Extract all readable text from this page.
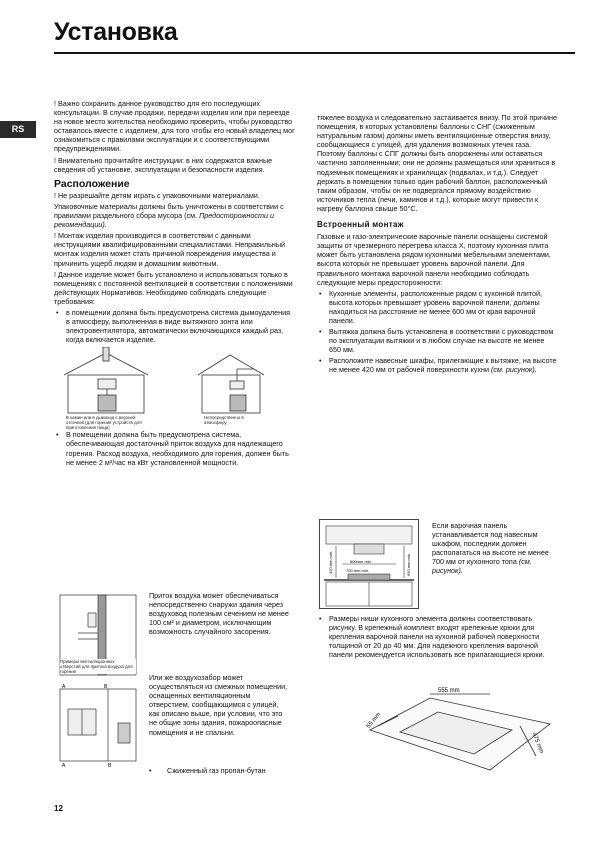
Установка
RS

! Важно сохранить данное руководство для его последующих консультации. В случае продажи, передачи изделия или при переезде на новое место жительства необходимо проверить, чтобы руководство оставалось вместе с изделием, для того чтобы его новый владелец мог ознакомиться с правилами эксплуатации и с соответствующими предупреждениями.

! Внимательно прочитайте инструкции: в них содержатся важные сведения об установке, эксплуатации и безопасности изделия.

Расположение

! Не разрешайте детям играть с упаковочными материалами.

Упаковочные материалы должны быть уничтожены в соответствии с правилами раздельного сбора мусора (см. Предосторожности и рекомендации).

! Монтаж изделия производится в соответствии с данными инструкциями квалифицированными специалистами. Неправильный монтаж изделия может стать причиной повреждения имущества и причинить ущерб людям и домашним животным.

! Данное изделие может быть установлено и использоваться только в помещениях с постоянной вентиляцией в соответствии с положениями действующих Нормативов. Необходимо соблюдать следующие требования:

• в помещении должна быть предусмотрена система дымоудаления в атмосферу, выполненная в виде вытяжного зонта или электровентилятора, автоматически включающихся каждый раз, когда включается изделие.
В камин или в дымоход с верхней отсечкой (для горения устройств для приготовления пищи)
Непосредственно в атмосферу
• В помещении должна быть предусмотрена система, обеспечивающая достаточный приток воздуха для надлежащего горения. Расход воздуха, необходимого для горения, должен быть не менее 2 м³/час на кВт установленной мощности.
Примеры вентиляционных отверстий для притока воздуха для горения
Приток воздуха может обеспечиваться непосредственно снаружи здания через воздуховод полезным сечением не менее 100 см² и диаметром, исключающим возможность случайного засорения.
A	B
A	B
Или же воздухозабор может осуществляться из смежных помещении, оснащенных вентиляционным отверстием, сообщающимся с улицей, как описано выше, при условии, что это не общие зоны здания, пожароопасные помещения и не спальни.
• Сжиженный газ пропан-бутан

тяжелее воздуха и следовательно застаивается внизу. По этой причине помещения, в которых установлены баллоны с СНГ (сжиженным натуральным газом) должны иметь вентиляционные отверстия внизу, сообщающиеся с улицей, для удаления возможных утечек газа. Поэтому баллоны с СПГ должны быть опорожнены или оставаться частично заполненными; они не должны размещаться или храниться в подземных помещениях и хранилищах (подвалах, и т.д.). Следует держать в помещении только один рабочий баллон, расположенный таким образом, чтобы он не подвергался прямому воздействию источников тепла (печи, каминов и т.д.), которые могут привести к нагреву баллона свыше 50°C.

Встроенный монтаж

Газовые и газо-электрические варочные панели оснащены системой защиты от чрезмерного перегрева класса X, поэтому кухонная плита может быть установлена рядом кухонными мебельными элементами, высота которых не превышает уровень варочной панели. Для правильного монтажа варочной панели необходимо соблюдать следующие меры предосторожности:

• Кухонные элементы, расположенные рядом с кухонной плитой, высота которых превышает уровень варочной панели, должны находиться на расстояние не менее 600 мм от края варочной панели.
• Вытяжка должна быть установлена в соответствии с руководством по эксплуатации вытяжки и в любом случае на высоте не менее 650 мм.
• Расположите навесные шкафы, прилегающие к вытяжке, на высоте не менее 420 мм от рабочей поверхности кухни (см. рисунок).
600mm min.
420 mm min.	650 mm min.
700 mm min.
Если варочная панель устанавливается под навесным шкафом, последнии должен располагаться на высоте не менее 700 мм от кухонного топа (см. рисунок).
•	Размеры ниши кухонного элемента должны соответствовать рисунку. В крепежный комплект входят крепежные крюки для крепления варочной панели на кухонной рабочей поверхности толщиной от 20 до 40 мм. Для надежного крепления варочной панели рекомендуется использовать все прилагающиеся крюки.
555 mm
55 mm
475 mm
12
